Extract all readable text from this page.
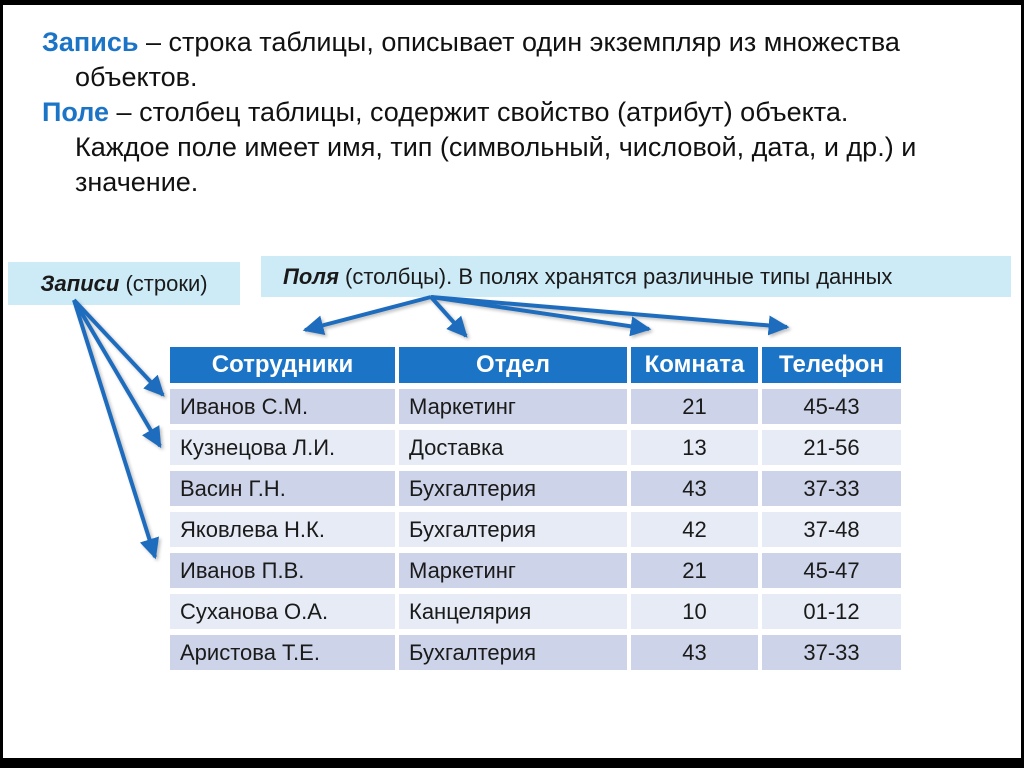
Запись – строка таблицы, описывает один экземпляр из множества объектов.

Поле – столбец таблицы, содержит свойство (атрибут) объекта. Каждое поле имеет имя, тип (символьный, числовой, дата, и др.) и значение.

Записи (строки)	Поля (столбцы). В полях хранятся различные типы данных
Сотрудники	Отдел	Комната	Телефон
Иванов С.М.	Маркетинг	21	45-43
Кузнецова Л.И.	Доставка	13	21-56
Васин Г.Н.	Бухгалтерия	43	37-33
Яковлева Н.К.	Бухгалтерия	42	37-48
Иванов П.В.	Маркетинг	21	45-47
Суханова О.А.	Канцелярия	10	01-12
Аристова Т.Е.	Бухгалтерия	43	37-33
